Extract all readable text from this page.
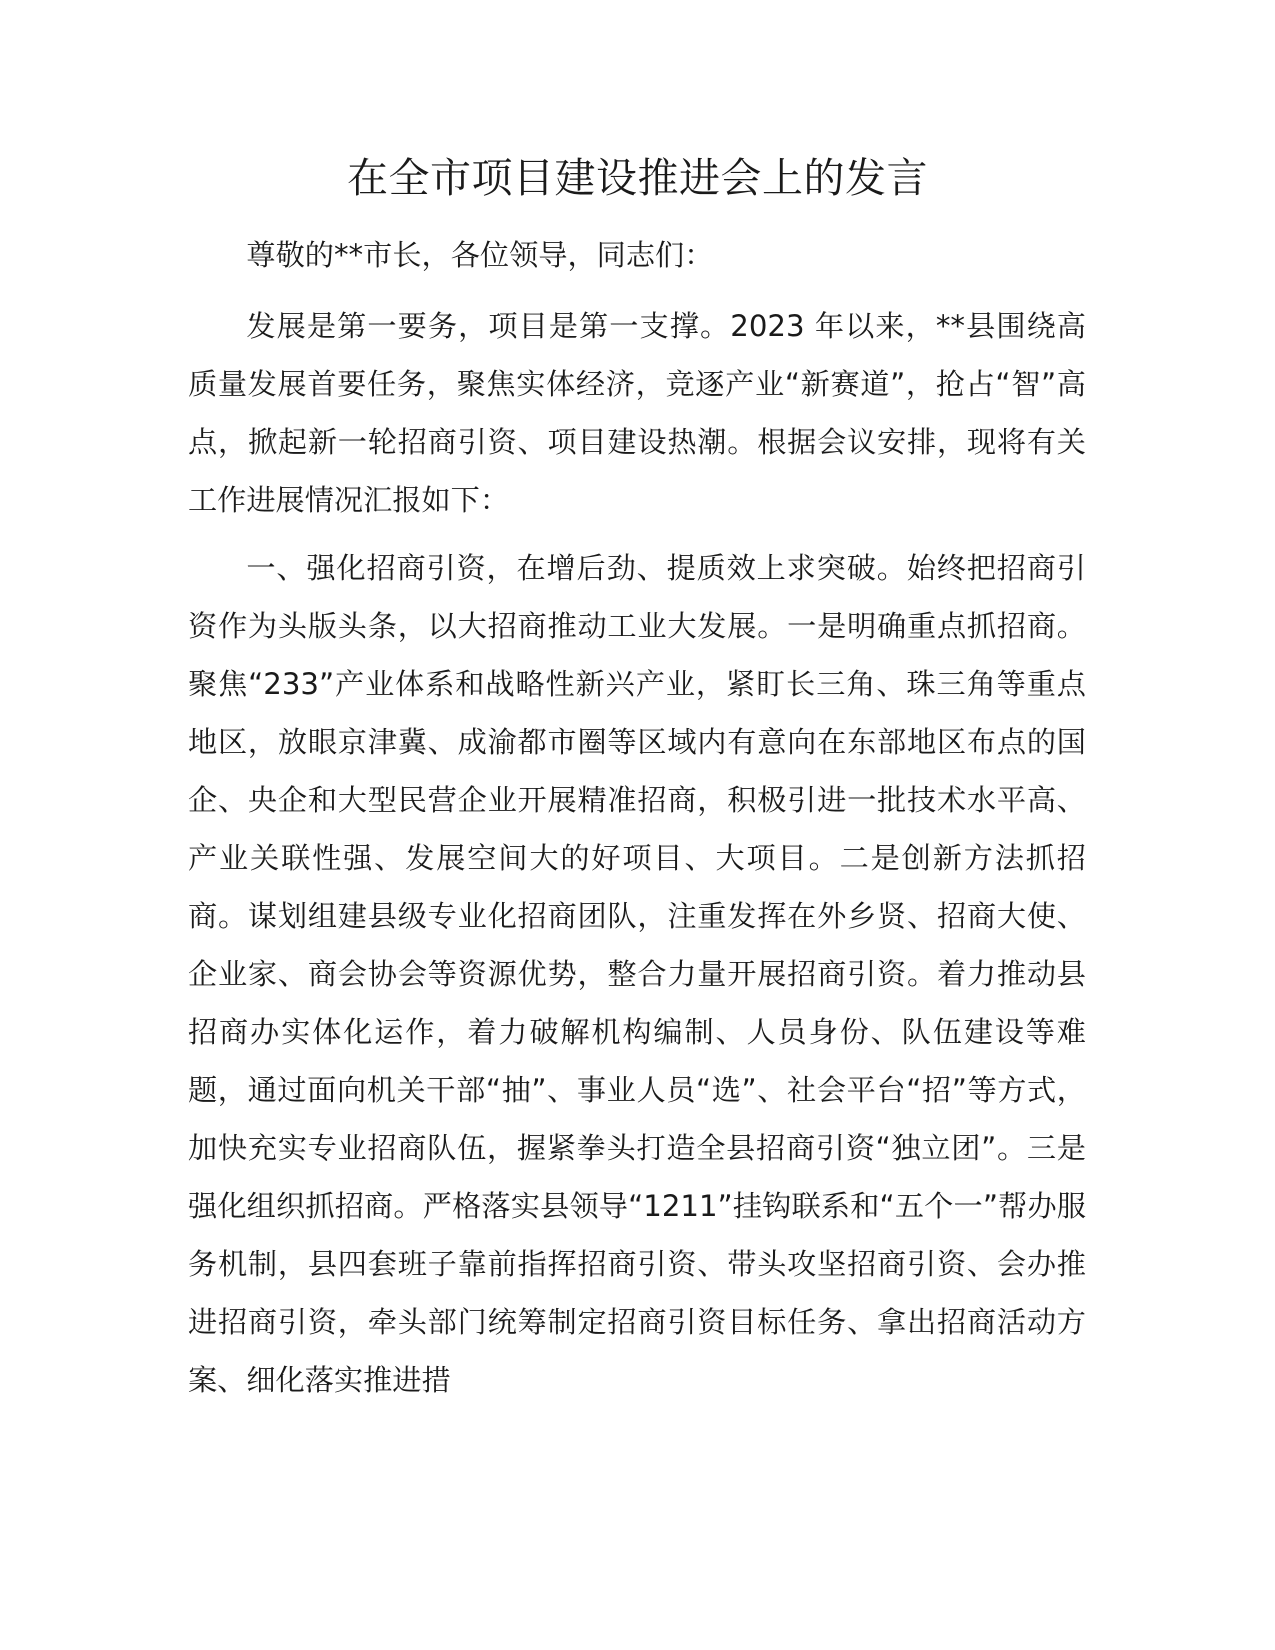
在全市项目建设推进会上的发言

尊敬的**市长，各位领导，同志们：

发展是第一要务，项目是第一支撑。2023 年以来，**县围绕高质量发展首要任务，聚焦实体经济，竞逐产业“新赛道”，抢占“智”高点，掀起新一轮招商引资、项目建设热潮。根据会议安排，现将有关工作进展情况汇报如下：

一、强化招商引资，在增后劲、提质效上求突破。始终把招商引资作为头版头条，以大招商推动工业大发展。一是明确重点抓招商。聚焦“233”产业体系和战略性新兴产业，紧盯长三角、珠三角等重点地区，放眼京津冀、成渝都市圈等区域内有意向在东部地区布点的国企、央企和大型民营企业开展精准招商，积极引进一批技术水平高、产业关联性强、发展空间大的好项目、大项目。二是创新方法抓招商。谋划组建县级专业化招商团队，注重发挥在外乡贤、招商大使、企业家、商会协会等资源优势，整合力量开展招商引资。着力推动县招商办实体化运作，着力破解机构编制、人员身份、队伍建设等难题，通过面向机关干部“抽”、事业人员“选”、社会平台“招”等方式，加快充实专业招商队伍，握紧拳头打造全县招商引资“独立团”。三是强化组织抓招商。严格落实县领导“1211”挂钩联系和“五个一”帮办服务机制，县四套班子靠前指挥招商引资、带头攻坚招商引资、会办推进招商引资，牵头部门统筹制定招商引资目标任务、拿出招商活动方案、细化落实推进措
